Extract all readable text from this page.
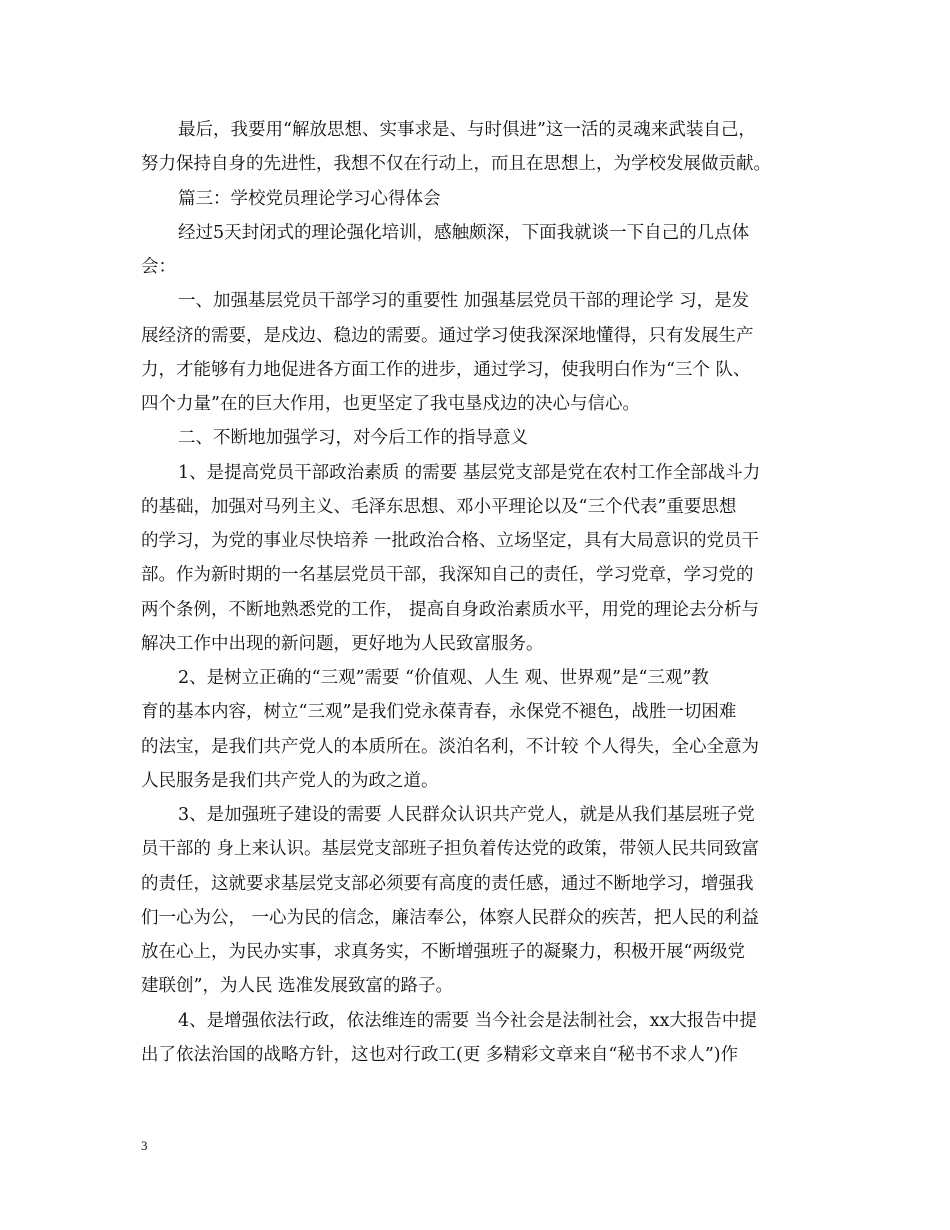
最后，我要用“解放思想、实事求是、与时俱进”这一活的灵魂来武装自己，
努力保持自身的先进性，我想不仅在行动上，而且在思想上，为学校发展做贡献。
篇三：学校党员理论学习心得体会
经过5天封闭式的理论强化培训，感触颇深，下面我就谈一下自己的几点体
会：
一、加强基层党员干部学习的重要性 加强基层党员干部的理论学 习，是发
展经济的需要，是戍边、稳边的需要。通过学习使我深深地懂得，只有发展生产
力，才能够有力地促进各方面工作的进步，通过学习，使我明白作为“三个 队、
四个力量”在的巨大作用，也更坚定了我屯垦戍边的决心与信心。
二、不断地加强学习，对今后工作的指导意义
1、是提高党员干部政治素质 的需要 基层党支部是党在农村工作全部战斗力
的基础，加强对马列主义、毛泽东思想、邓小平理论以及“三个代表”重要思想
的学习，为党的事业尽快培养 一批政治合格、立场坚定，具有大局意识的党员干
部。作为新时期的一名基层党员干部，我深知自己的责任，学习党章，学习党的
两个条例，不断地熟悉党的工作， 提高自身政治素质水平，用党的理论去分析与
解决工作中出现的新问题，更好地为人民致富服务。
2、是树立正确的“三观”需要 “价值观、人生 观、世界观”是“三观”教
育的基本内容，树立“三观”是我们党永葆青春，永保党不褪色，战胜一切困难
的法宝，是我们共产党人的本质所在。淡泊名利，不计较 个人得失，全心全意为
人民服务是我们共产党人的为政之道。
3、是加强班子建设的需要 人民群众认识共产党人，就是从我们基层班子党
员干部的 身上来认识。基层党支部班子担负着传达党的政策，带领人民共同致富
的责任，这就要求基层党支部必须要有高度的责任感，通过不断地学习，增强我
们一心为公， 一心为民的信念，廉洁奉公，体察人民群众的疾苦，把人民的利益
放在心上，为民办实事，求真务实，不断增强班子的凝聚力，积极开展“两级党
建联创”，为人民 选准发展致富的路子。
4、是增强依法行政，依法维连的需要 当今社会是法制社会，xx大报告中提
出了依法治国的战略方针，这也对行政工(更 多精彩文章来自“秘书不求人”)作
3
